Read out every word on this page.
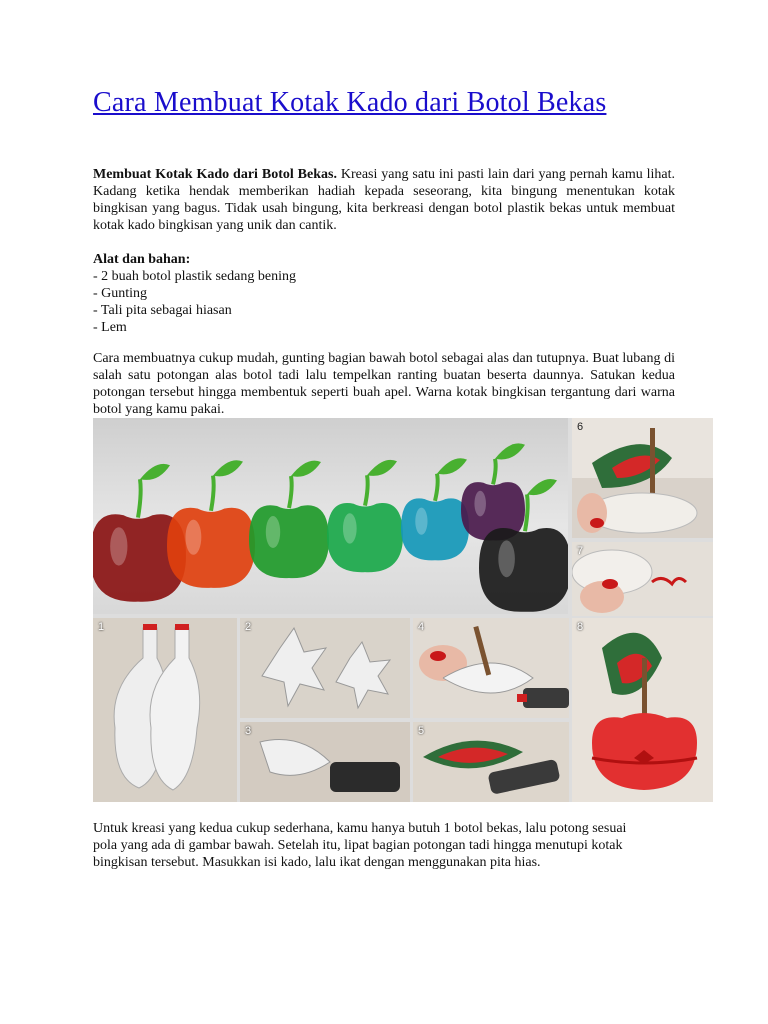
Cara Membuat Kotak Kado dari Botol Bekas

Membuat Kotak Kado dari Botol Bekas. Kreasi yang satu ini pasti lain dari yang pernah kamu lihat. Kadang ketika hendak memberikan hadiah kepada seseorang, kita bingung menentukan kotak bingkisan yang bagus. Tidak usah bingung, kita berkreasi dengan botol plastik bekas untuk membuat kotak kado bingkisan yang unik dan cantik.

Alat dan bahan:
- 2 buah botol plastik sedang bening
- Gunting
- Tali pita sebagai hiasan
- Lem

Cara membuatnya cukup mudah, gunting bagian bawah botol sebagai alas dan tutupnya. Buat lubang di salah satu potongan alas botol tadi lalu tempelkan ranting buatan beserta daunnya. Satukan kedua potongan tersebut hingga membentuk seperti buah apel. Warna kotak bingkisan tergantung dari warna botol yang kamu pakai.

6
7
1	2
3
4
5
8

Untuk kreasi yang kedua cukup sederhana, kamu hanya butuh 1 botol bekas, lalu potong sesuai pola yang ada di gambar bawah. Setelah itu, lipat bagian potongan tadi hingga menutupi kotak bingkisan tersebut. Masukkan isi kado, lalu ikat dengan menggunakan pita hias.
